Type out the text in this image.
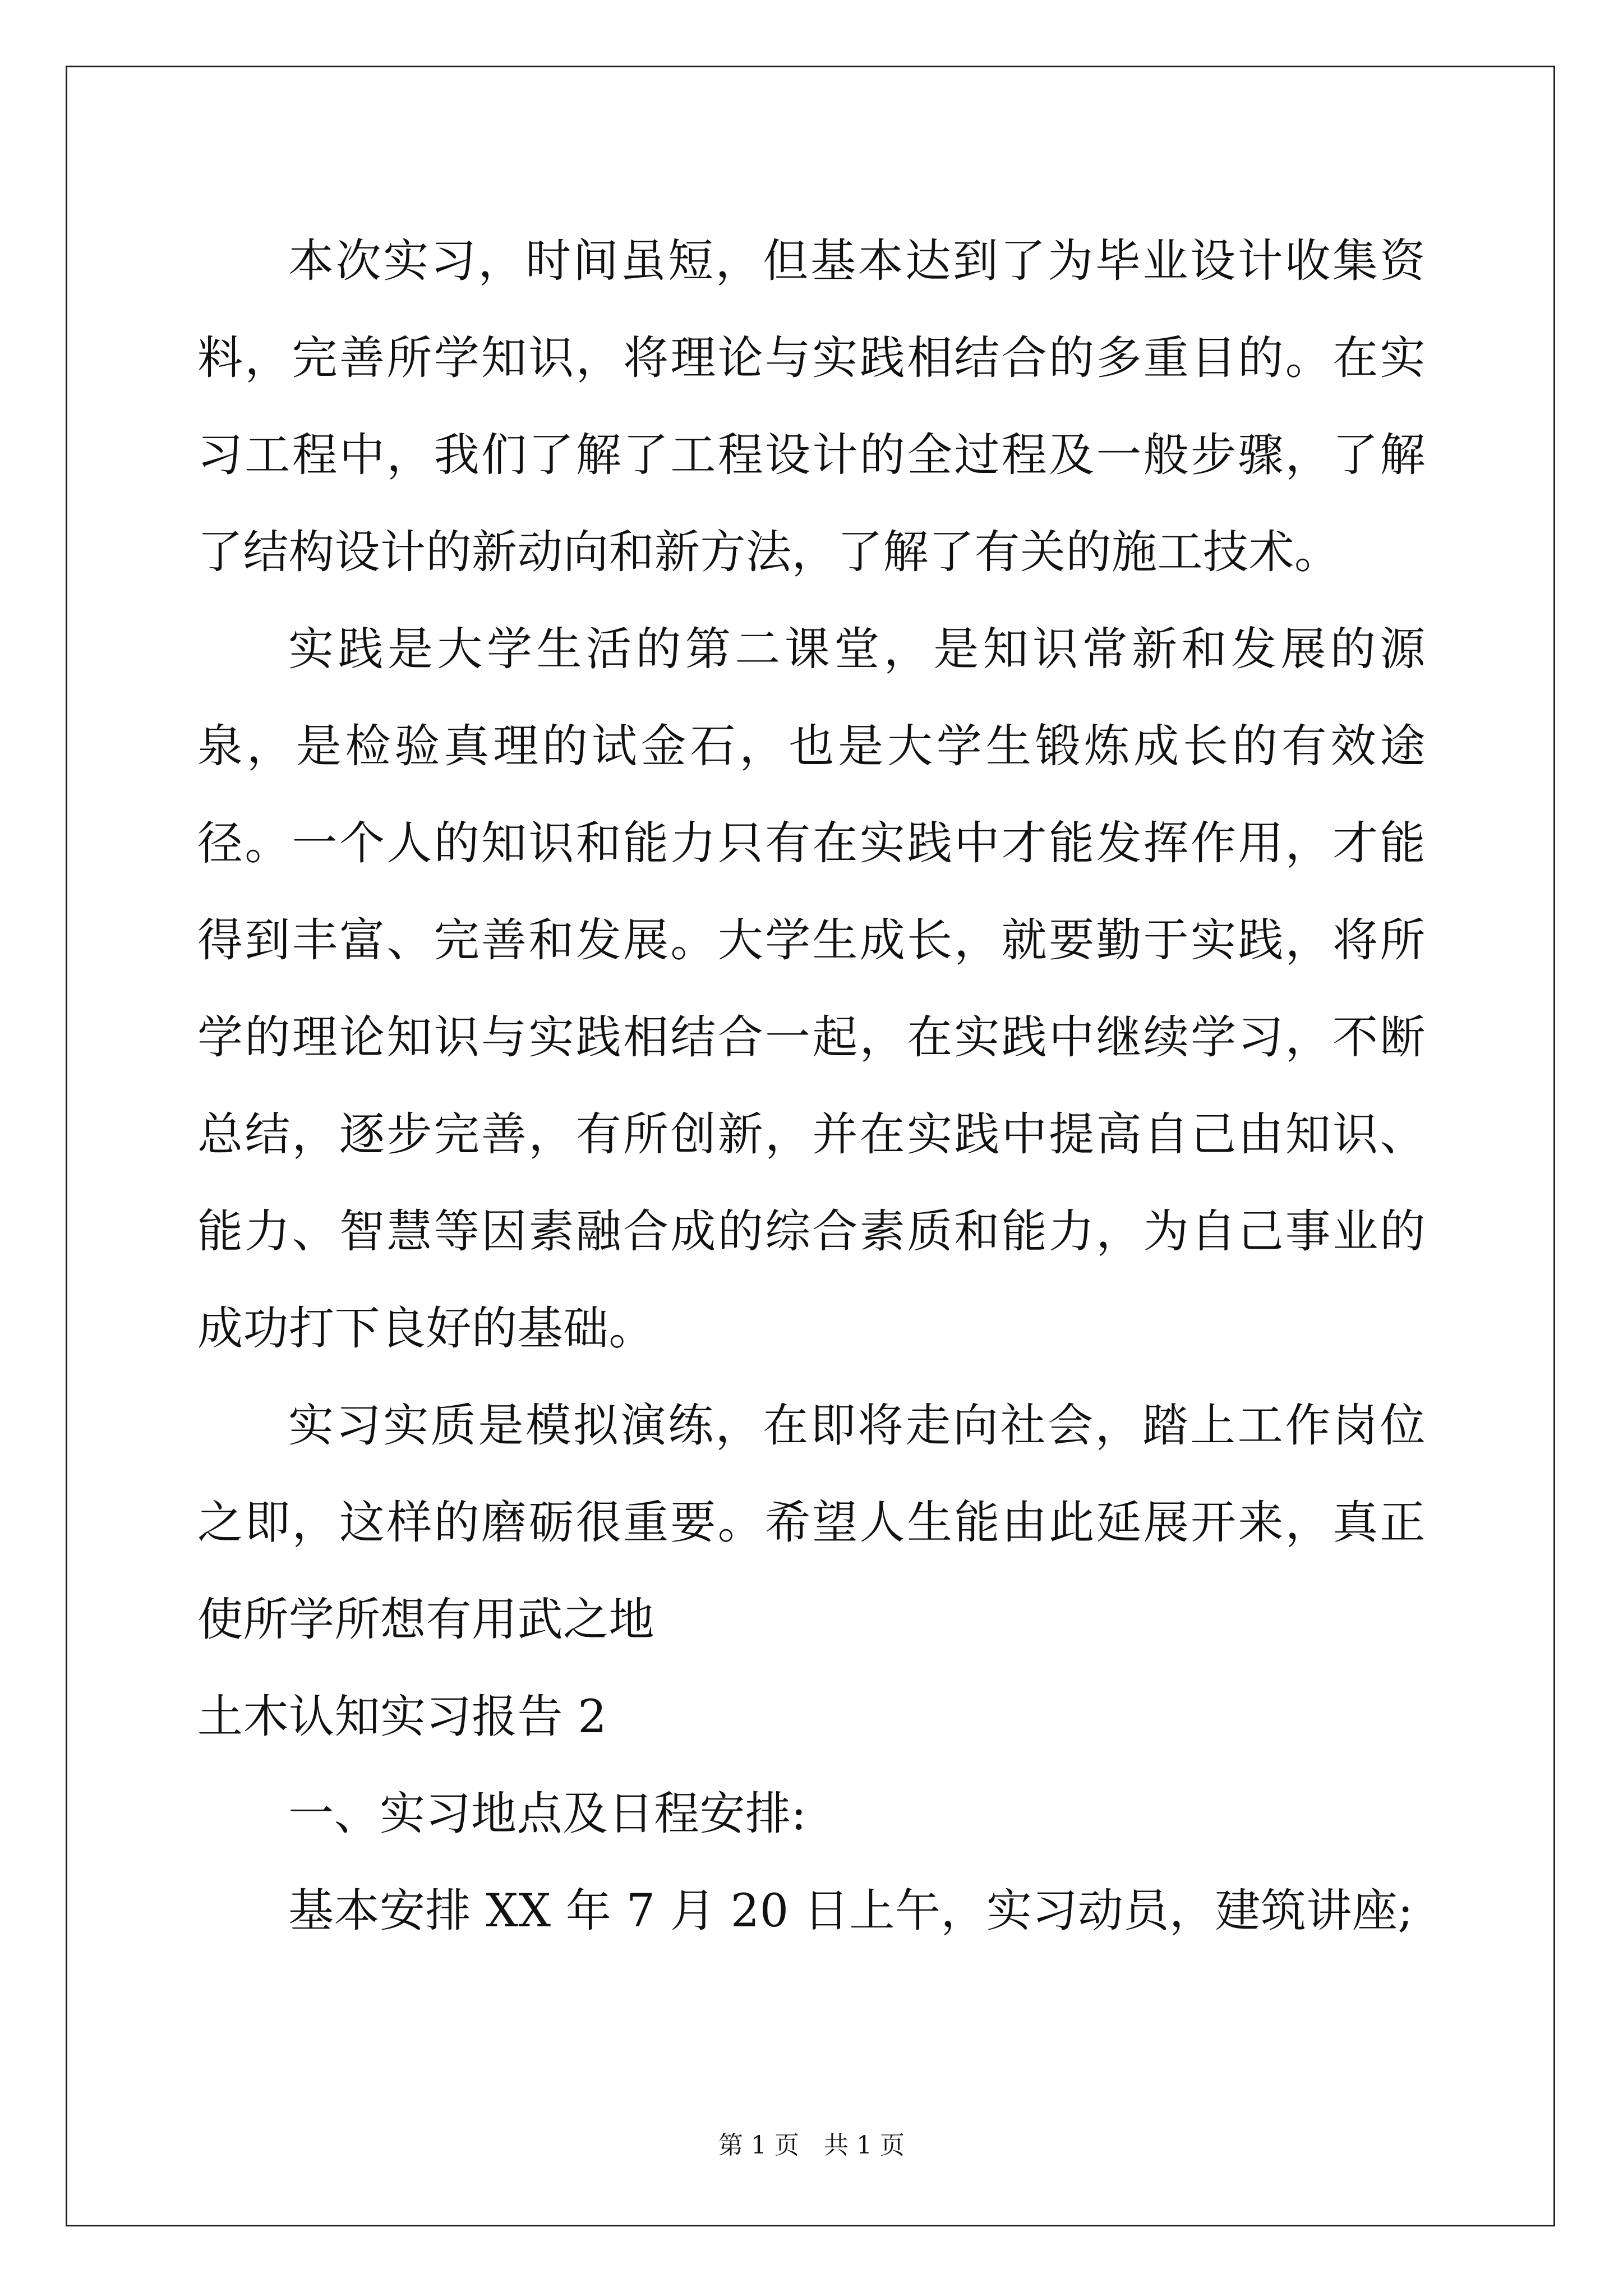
本次实习，时间虽短，但基本达到了为毕业设计收集资料，完善所学知识，将理论与实践相结合的多重目的。在实习工程中，我们了解了工程设计的全过程及一般步骤，了解了结构设计的新动向和新方法，了解了有关的施工技术。

实践是大学生活的第二课堂，是知识常新和发展的源泉，是检验真理的试金石，也是大学生锻炼成长的有效途径。一个人的知识和能力只有在实践中才能发挥作用，才能得到丰富、完善和发展。大学生成长，就要勤于实践，将所学的理论知识与实践相结合一起，在实践中继续学习，不断总结，逐步完善，有所创新，并在实践中提高自己由知识、能力、智慧等因素融合成的综合素质和能力，为自己事业的成功打下良好的基础。

实习实质是模拟演练，在即将走向社会，踏上工作岗位之即，这样的磨砺很重要。希望人生能由此延展开来，真正使所学所想有用武之地

土木认知实习报告 2

一、实习地点及日程安排:

基本安排 XX 年 7 月 20 日上午，实习动员，建筑讲座;

第 1 页 共 1 页
